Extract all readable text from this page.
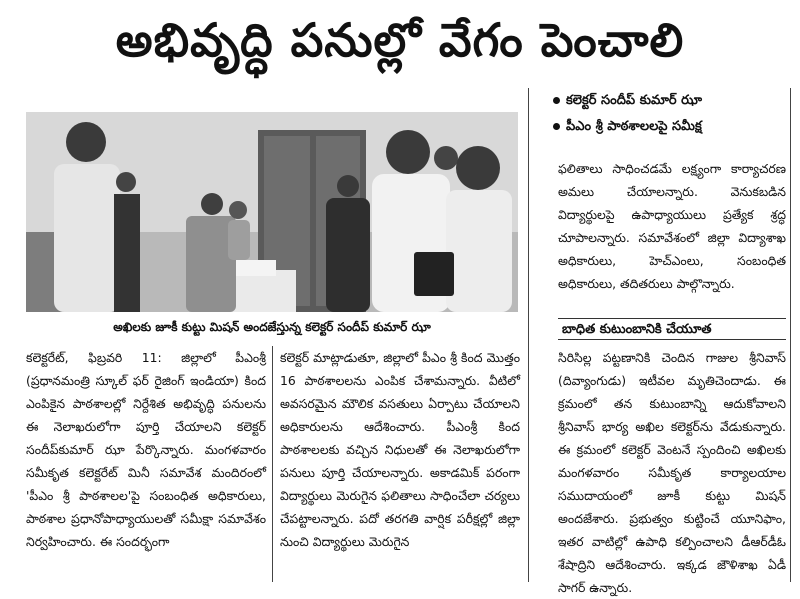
అభివృద్ధి పనుల్లో వేగం పెంచాలి
కలెక్టర్ సందీప్ కుమార్ ఝా
పీఎం శ్రీ పాఠశాలలపై సమీక్ష
అఖిలకు జూకీ కుట్టు మిషన్ అందజేస్తున్న కలెక్టర్ సందీప్ కుమార్ ఝా

కలెక్టరేట్, ఫిబ్రవరి 11: జిల్లాలో పీఎంశ్రీ (ప్రధానమంత్రి స్కూల్ ఫర్ రైజింగ్ ఇండియా) కింద ఎంపికైన పాఠశాలల్లో నిర్దేశిత అభివృద్ధి పనులను ఈ నెలాఖరులోగా పూర్తి చేయాలని కలెక్టర్ సందీప్‌కుమార్ ఝా పేర్కొన్నారు. మంగళవారం సమీకృత కలెక్టరేట్ మినీ సమావేశ మందిరంలో 'పీఎం శ్రీ పాఠశాలల'పై సంబంధిత అధికారులు, పాఠశాల ప్రధానోపాధ్యాయులతో సమీక్షా సమావేశం నిర్వహించారు. ఈ సందర్భంగా

కలెక్టర్ మాట్లాడుతూ, జిల్లాలో పీఎం శ్రీ కింద మొత్తం 16 పాఠశాలలను ఎంపిక చేశామన్నారు. వీటిలో అవసరమైన మౌలిక వసతులు ఏర్పాటు చేయాలని అధికారులను ఆదేశించారు. పీఎంశ్రీ కింద పాఠశాలలకు వచ్చిన నిధులతో ఈ నెలాఖరులోగా పనులు పూర్తి చేయాలన్నారు. అకాడమిక్ పరంగా విద్యార్థులు మెరుగైన ఫలితాలు సాధించేలా చర్యలు చేపట్టాలన్నారు. పదో తరగతి వార్షిక పరీక్షల్లో జిల్లా నుంచి విద్యార్థులు మెరుగైన

ఫలితాలు సాధించడమే లక్ష్యంగా కార్యాచరణ అమలు చేయాలన్నారు. వెనుకబడిన విద్యార్థులపై ఉపాధ్యాయులు ప్రత్యేక శ్రద్ధ చూపాలన్నారు. సమావేశంలో జిల్లా విద్యాశాఖ అధికారులు, హెచ్‌ఎంలు, సంబంధిత అధికారులు, తదితరులు పాల్గొన్నారు.

బాధిత కుటుంబానికి చేయూత

సిరిసిల్ల పట్టణానికి చెందిన గాజుల శ్రీనివాస్ (దివ్యాంగుడు) ఇటీవల మృతిచెందాడు. ఈ క్రమంలో తన కుటుంబాన్ని ఆదుకోవాలని శ్రీనివాస్ భార్య అఖిల కలెక్టర్‌ను వేడుకున్నారు. ఈ క్రమంలో కలెక్టర్ వెంటనే స్పందించి అఖిలకు మంగళవారం సమీకృత కార్యాలయాల సముదాయంలో జూకీ కుట్టు మిషన్ అందజేశారు. ప్రభుత్వం కుట్టించే యూనిఫాం, ఇతర వాటిల్లో ఉపాధి కల్పించాలని డీఆర్‌డీఓ శేషాద్రిని ఆదేశించారు. ఇక్కడ జౌళిశాఖ ఏడీ సాగర్ ఉన్నారు.
